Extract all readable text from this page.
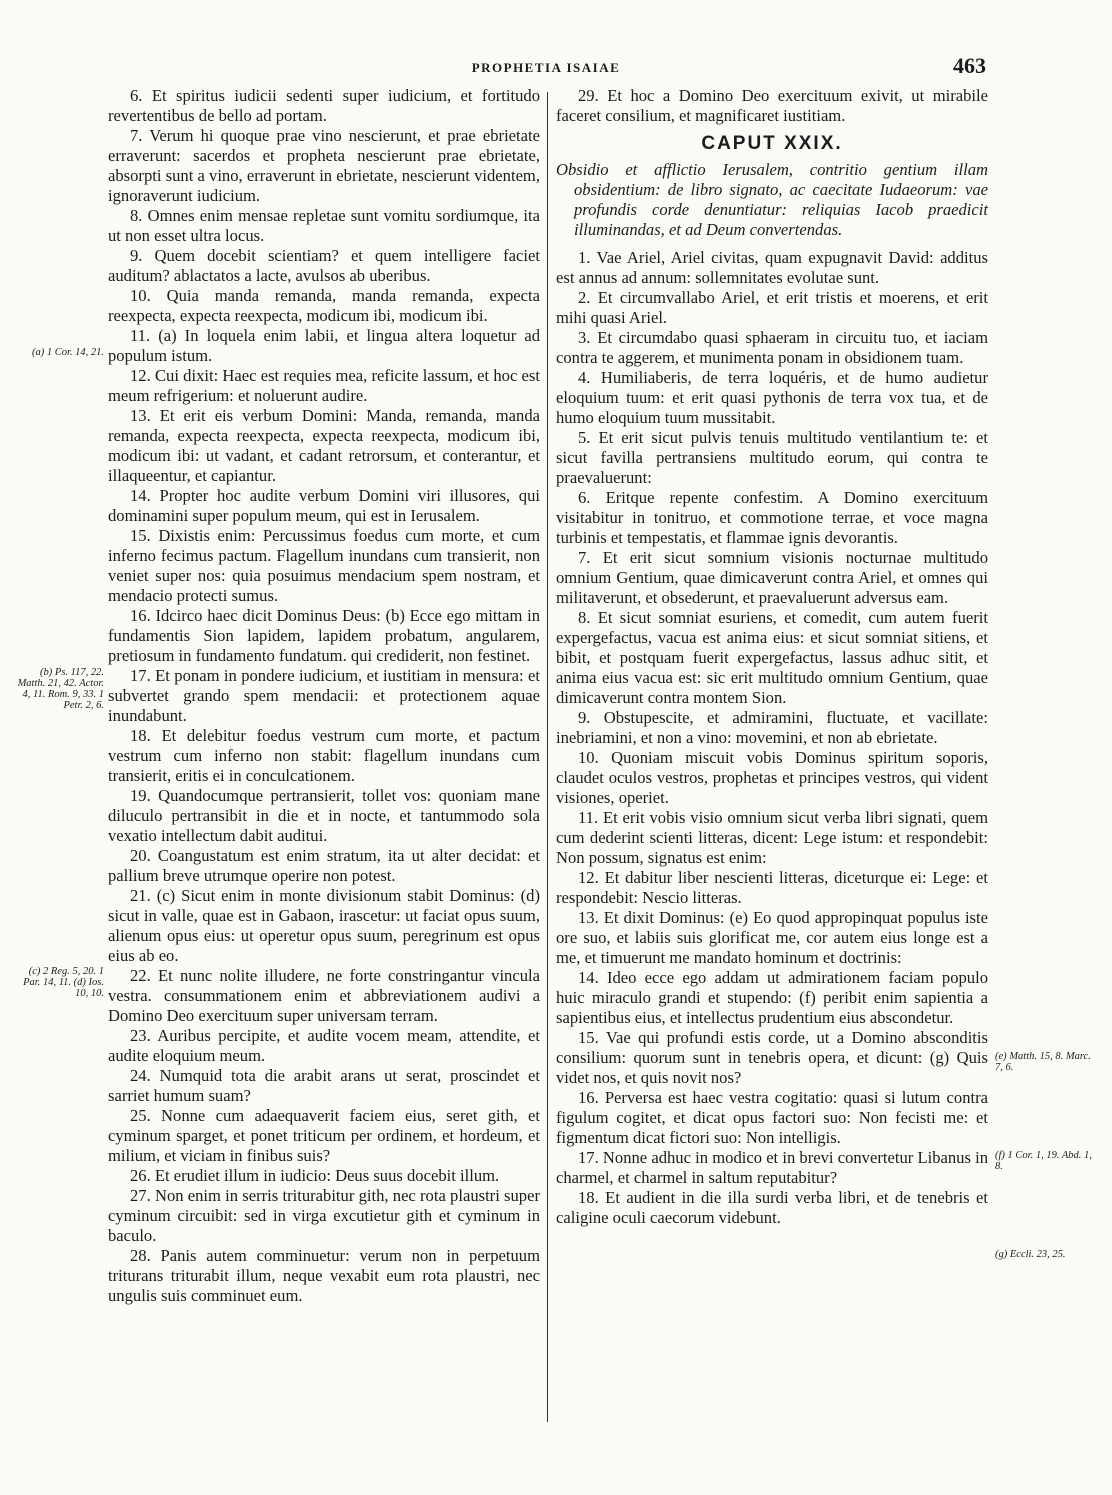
PROPHETIA ISAIAE	463

6. Et spiritus iudicii sedenti super iudicium, et fortitudo revertentibus de bello ad portam.

7. Verum hi quoque prae vino nescierunt, et prae ebrietate erraverunt: sacerdos et propheta nescierunt prae ebrietate, absorpti sunt a vino, erraverunt in ebrietate, nescierunt videntem, ignoraverunt iudicium.

8. Omnes enim mensae repletae sunt vomitu sordiumque, ita ut non esset ultra locus.

9. Quem docebit scientiam? et quem intelligere faciet auditum? ablactatos a lacte, avulsos ab uberibus.

10. Quia manda remanda, manda remanda, expecta reexpecta, expecta reexpecta, modicum ibi, modicum ibi.

11. (a) In loquela enim labii, et lingua altera loquetur ad populum istum.

12. Cui dixit: Haec est requies mea, reficite lassum, et hoc est meum refrigerium: et noluerunt audire.

13. Et erit eis verbum Domini: Manda, remanda, manda remanda, expecta reexpecta, expecta reexpecta, modicum ibi, modicum ibi: ut vadant, et cadant retrorsum, et conterantur, et illaqueentur, et capiantur.

14. Propter hoc audite verbum Domini viri illusores, qui dominamini super populum meum, qui est in Ierusalem.

15. Dixistis enim: Percussimus foedus cum morte, et cum inferno fecimus pactum. Flagellum inundans cum transierit, non veniet super nos: quia posuimus mendacium spem nostram, et mendacio protecti sumus.

16. Idcirco haec dicit Dominus Deus: (b) Ecce ego mittam in fundamentis Sion lapidem, lapidem probatum, angularem, pretiosum in fundamento fundatum. qui crediderit, non festinet.

17. Et ponam in pondere iudicium, et iustitiam in mensura: et subvertet grando spem mendacii: et protectionem aquae inundabunt.

18. Et delebitur foedus vestrum cum morte, et pactum vestrum cum inferno non stabit: flagellum inundans cum transierit, eritis ei in conculcationem.

19. Quandocumque pertransierit, tollet vos: quoniam mane diluculo pertransibit in die et in nocte, et tantummodo sola vexatio intellectum dabit auditui.

20. Coangustatum est enim stratum, ita ut alter decidat: et pallium breve utrumque operire non potest.

21. (c) Sicut enim in monte divisionum stabit Dominus: (d) sicut in valle, quae est in Gabaon, irascetur: ut faciat opus suum, alienum opus eius: ut operetur opus suum, peregrinum est opus eius ab eo.

22. Et nunc nolite illudere, ne forte constringantur vincula vestra. consummationem enim et abbreviationem audivi a Domino Deo exercituum super universam terram.

23. Auribus percipite, et audite vocem meam, attendite, et audite eloquium meum.

24. Numquid tota die arabit arans ut serat, proscindet et sarriet humum suam?

25. Nonne cum adaequaverit faciem eius, seret gith, et cyminum sparget, et ponet triticum per ordinem, et hordeum, et milium, et viciam in finibus suis?

26. Et erudiet illum in iudicio: Deus suus docebit illum.

27. Non enim in serris triturabitur gith, nec rota plaustri super cyminum circuibit: sed in virga excutietur gith et cyminum in baculo.

28. Panis autem comminuetur: verum non in perpetuum triturans triturabit illum, neque vexabit eum rota plaustri, nec ungulis suis comminuet eum.

29. Et hoc a Domino Deo exercituum exivit, ut mirabile faceret consilium, et magnificaret iustitiam.

CAPUT XXIX.

Obsidio et afflictio Ierusalem, contritio gentium illam obsidentium: de libro signato, ac caecitate Iudaeorum: vae profundis corde denuntiatur: reliquias Iacob praedicit illuminandas, et ad Deum convertendas.

1. Vae Ariel, Ariel civitas, quam expugnavit David: additus est annus ad annum: sollemnitates evolutae sunt.

2. Et circumvallabo Ariel, et erit tristis et moerens, et erit mihi quasi Ariel.

3. Et circumdabo quasi sphaeram in circuitu tuo, et iaciam contra te aggerem, et munimenta ponam in obsidionem tuam.

4. Humiliaberis, de terra loquéris, et de humo audietur eloquium tuum: et erit quasi pythonis de terra vox tua, et de humo eloquium tuum mussitabit.

5. Et erit sicut pulvis tenuis multitudo ventilantium te: et sicut favilla pertransiens multitudo eorum, qui contra te praevaluerunt:

6. Eritque repente confestim. A Domino exercituum visitabitur in tonitruo, et commotione terrae, et voce magna turbinis et tempestatis, et flammae ignis devorantis.

7. Et erit sicut somnium visionis nocturnae multitudo omnium Gentium, quae dimicaverunt contra Ariel, et omnes qui militaverunt, et obsederunt, et praevaluerunt adversus eam.

8. Et sicut somniat esuriens, et comedit, cum autem fuerit expergefactus, vacua est anima eius: et sicut somniat sitiens, et bibit, et postquam fuerit expergefactus, lassus adhuc sitit, et anima eius vacua est: sic erit multitudo omnium Gentium, quae dimicaverunt contra montem Sion.

9. Obstupescite, et admiramini, fluctuate, et vacillate: inebriamini, et non a vino: movemini, et non ab ebrietate.

10. Quoniam miscuit vobis Dominus spiritum soporis, claudet oculos vestros, prophetas et principes vestros, qui vident visiones, operiet.

11. Et erit vobis visio omnium sicut verba libri signati, quem cum dederint scienti litteras, dicent: Lege istum: et respondebit: Non possum, signatus est enim:

12. Et dabitur liber nescienti litteras, diceturque ei: Lege: et respondebit: Nescio litteras.

13. Et dixit Dominus: (e) Eo quod appropinquat populus iste ore suo, et labiis suis glorificat me, cor autem eius longe est a me, et timuerunt me mandato hominum et doctrinis:

14. Ideo ecce ego addam ut admirationem faciam populo huic miraculo grandi et stupendo: (f) peribit enim sapientia a sapientibus eius, et intellectus prudentium eius abscondetur.

15. Vae qui profundi estis corde, ut a Domino absconditis consilium: quorum sunt in tenebris opera, et dicunt: (g) Quis videt nos, et quis novit nos?

16. Perversa est haec vestra cogitatio: quasi si lutum contra figulum cogitet, et dicat opus factori suo: Non fecisti me: et figmentum dicat fictori suo: Non intelligis.

17. Nonne adhuc in modico et in brevi convertetur Libanus in charmel, et charmel in saltum reputabitur?

18. Et audient in die illa surdi verba libri, et de tenebris et caligine oculi caecorum videbunt.

(a) 1 Cor. 14, 21.
(b) Ps. 117, 22. Matth. 21, 42. Actor. 4, 11. Rom. 9, 33. 1 Petr. 2, 6.
(c) 2 Reg. 5, 20. 1 Par. 14, 11. (d) Ios. 10, 10.
(e) Matth. 15, 8. Marc. 7, 6.
(f) 1 Cor. 1, 19. Abd. 1, 8.
(g) Eccli. 23, 25.
